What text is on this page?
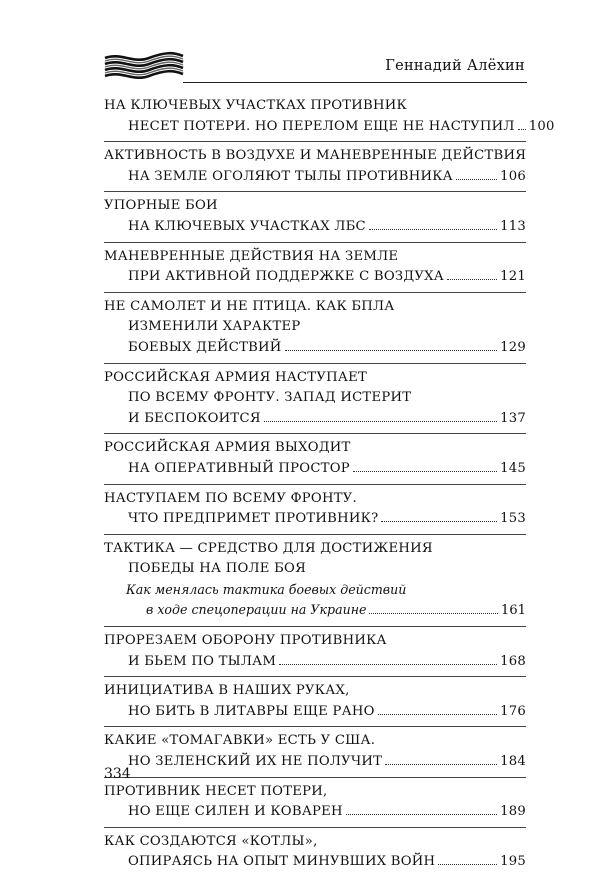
Геннадий Алёхин
НА КЛЮЧЕВЫХ УЧАСТКАХ ПРОТИВНИК
НЕСЕТ ПОТЕРИ. НО ПЕРЕЛОМ ЕЩЕ НЕ НАСТУПИЛ 100
АКТИВНОСТЬ В ВОЗДУХЕ И МАНЕВРЕННЫЕ ДЕЙСТВИЯ
НА ЗЕМЛЕ ОГОЛЯЮТ ТЫЛЫ ПРОТИВНИКА	106
УПОРНЫЕ БОИ
НА КЛЮЧЕВЫХ УЧАСТКАХ ЛБС	113
МАНЕВРЕННЫЕ ДЕЙСТВИЯ НА ЗЕМЛЕ
ПРИ АКТИВНОЙ ПОДДЕРЖКЕ С ВОЗДУХА	121
НЕ САМОЛЕТ И НЕ ПТИЦА. КАК БПЛА
ИЗМЕНИЛИ ХАРАКТЕР
БОЕВЫХ ДЕЙСТВИЙ	129
РОССИЙСКАЯ АРМИЯ НАСТУПАЕТ
ПО ВСЕМУ ФРОНТУ. ЗАПАД ИСТЕРИТ
И БЕСПОКОИТСЯ	137
РОССИЙСКАЯ АРМИЯ ВЫХОДИТ
НА ОПЕРАТИВНЫЙ ПРОСТОР	145
НАСТУПАЕМ ПО ВСЕМУ ФРОНТУ.
ЧТО ПРЕДПРИМЕТ ПРОТИВНИК?	153
ТАКТИКА — СРЕДСТВО ДЛЯ ДОСТИЖЕНИЯ
ПОБЕДЫ НА ПОЛЕ БОЯ
Как менялась тактика боевых действий
в ходе спецоперации на Украине	161
ПРОРЕЗАЕМ ОБОРОНУ ПРОТИВНИКА
И БЬЕМ ПО ТЫЛАМ	168
ИНИЦИАТИВА В НАШИХ РУКАХ,
НО БИТЬ В ЛИТАВРЫ ЕЩЕ РАНО	176
КАКИЕ «ТОМАГАВКИ» ЕСТЬ У США.
НО ЗЕЛЕНСКИЙ ИХ НЕ ПОЛУЧИТ	184
ПРОТИВНИК НЕСЕТ ПОТЕРИ,
НО ЕЩЕ СИЛЕН И КОВАРЕН	189
КАК СОЗДАЮТСЯ «КОТЛЫ»,
ОПИРАЯСЬ НА ОПЫТ МИНУВШИХ ВОЙН	195
334
